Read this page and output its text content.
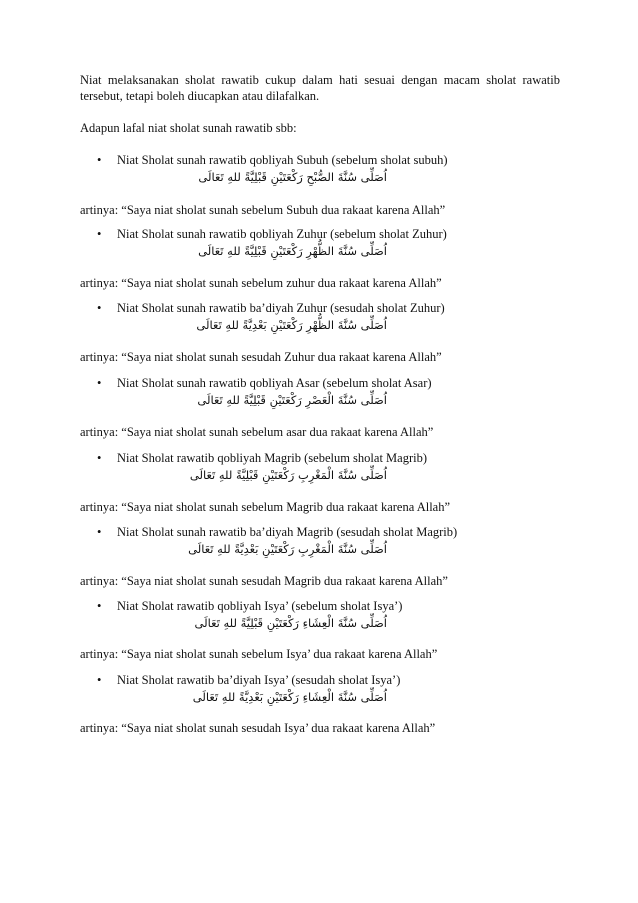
Niat melaksanakan sholat rawatib cukup dalam hati sesuai dengan macam sholat rawatib tersebut, tetapi boleh diucapkan atau dilafalkan.
Adapun lafal niat sholat sunah rawatib sbb:
• Niat Sholat sunah rawatib qobliyah Subuh (sebelum sholat subuh)
اُصَلِّى سُنَّةَ الصُّبْحِ رَكْعَتَيْنِ قَبْلِيَّةً للهِ تَعَالَى
artinya: “Saya niat sholat sunah sebelum Subuh dua rakaat karena Allah”
• Niat Sholat sunah rawatib qobliyah Zuhur (sebelum sholat Zuhur)
اُصَلِّى سُنَّةَ الظُّهْرِ رَكْعَتَيْنِ قَبْلِيَّةً للهِ تَعَالَى
artinya: “Saya niat sholat sunah sebelum zuhur dua rakaat karena Allah”
• Niat Sholat sunah rawatib ba’diyah Zuhur (sesudah sholat Zuhur)
اُصَلِّى سُنَّةَ الظُّهْرِ رَكْعَتَيْنِ بَعْدِيَّةً للهِ تَعَالَى
artinya: “Saya niat sholat sunah sesudah Zuhur dua rakaat karena Allah”
• Niat Sholat sunah rawatib qobliyah Asar (sebelum sholat Asar)
اُصَلِّى سُنَّةَ الْعَصْرِ رَكْعَتَيْنِ قَبْلِيَّةً للهِ تَعَالَى
artinya: “Saya niat sholat sunah sebelum asar dua rakaat karena Allah”
• Niat Sholat rawatib qobliyah Magrib (sebelum sholat Magrib)
اُصَلِّى سُنَّةَ الْمَغْرِبِ رَكْعَتَيْنِ قَبْلِيَّةً للهِ تَعَالَى
artinya: “Saya niat sholat sunah sebelum Magrib dua rakaat karena Allah”
• Niat Sholat sunah rawatib ba’diyah Magrib (sesudah sholat Magrib)
اُصَلِّى سُنَّةَ الْمَغْرِبِ رَكْعَتَيْنِ بَعْدِيَّةً للهِ تَعَالَى
artinya: “Saya niat sholat sunah sesudah Magrib dua rakaat karena Allah”
• Niat Sholat rawatib qobliyah Isya’ (sebelum sholat Isya’)
اُصَلِّى سُنَّةَ الْعِشَاءِ رَكْعَتَيْنِ قَبْلِيَّةً للهِ تَعَالَى
artinya: “Saya niat sholat sunah sebelum Isya’ dua rakaat karena Allah”
• Niat Sholat rawatib ba’diyah Isya’ (sesudah sholat Isya’)
اُصَلِّى سُنَّةَ الْعِشَاءِ رَكْعَتَيْنِ بَعْدِيَّةً للهِ تَعَالَى
artinya: “Saya niat sholat sunah sesudah Isya’ dua rakaat karena Allah”
